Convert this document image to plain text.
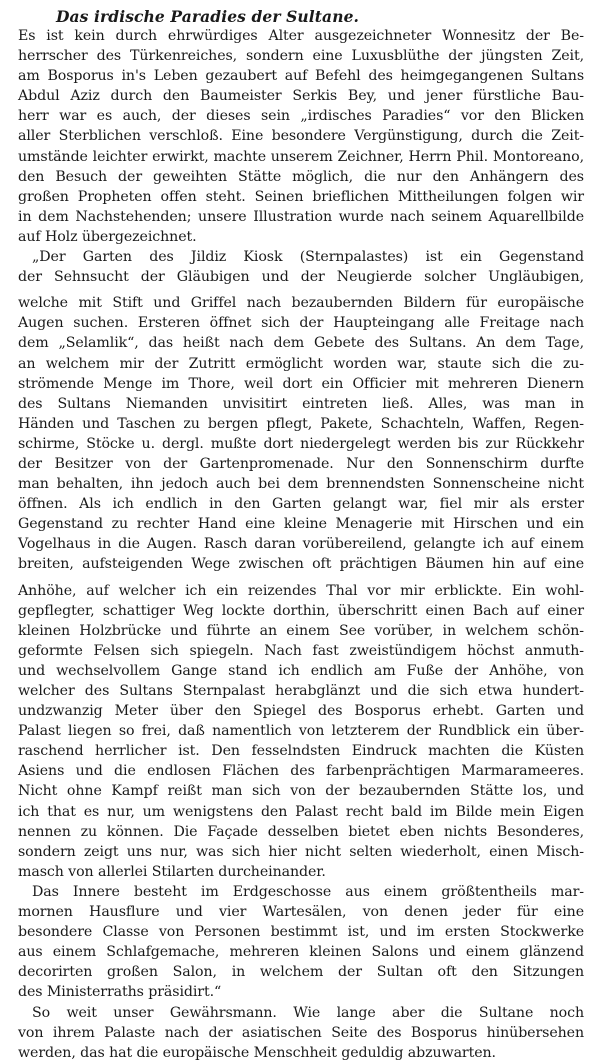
Das irdische Paradies der Sultane.
Es ist kein durch ehrwürdiges Alter ausgezeichneter Wonnesitz der Be-
herrscher des Türkenreiches, sondern eine Luxusblüthe der jüngsten Zeit,
am Bosporus in's Leben gezaubert auf Befehl des heimgegangenen Sultans
Abdul Aziz durch den Baumeister Serkis Bey, und jener fürstliche Bau-
herr war es auch, der dieses sein „irdisches Paradies“ vor den Blicken
aller Sterblichen verschloß. Eine besondere Vergünstigung, durch die Zeit-
umstände leichter erwirkt, machte unserem Zeichner, Herrn Phil. Montoreano,
den Besuch der geweihten Stätte möglich, die nur den Anhängern des
großen Propheten offen steht. Seinen brieflichen Mittheilungen folgen wir
in dem Nachstehenden; unsere Illustration wurde nach seinem Aquarellbilde
auf Holz übergezeichnet.
„Der Garten des Jildiz Kiosk (Sternpalastes) ist ein Gegenstand
der Sehnsucht der Gläubigen und der Neugierde solcher Ungläubigen,
welche mit Stift und Griffel nach bezaubernden Bildern für europäische
Augen suchen. Ersteren öffnet sich der Haupteingang alle Freitage nach
dem „Selamlik“, das heißt nach dem Gebete des Sultans. An dem Tage,
an welchem mir der Zutritt ermöglicht worden war, staute sich die zu-
strömende Menge im Thore, weil dort ein Officier mit mehreren Dienern
des Sultans Niemanden unvisitirt eintreten ließ. Alles, was man in
Händen und Taschen zu bergen pflegt, Pakete, Schachteln, Waffen, Regen-
schirme, Stöcke u. dergl. mußte dort niedergelegt werden bis zur Rückkehr
der Besitzer von der Gartenpromenade. Nur den Sonnenschirm durfte
man behalten, ihn jedoch auch bei dem brennendsten Sonnenscheine nicht
öffnen. Als ich endlich in den Garten gelangt war, fiel mir als erster
Gegenstand zu rechter Hand eine kleine Menagerie mit Hirschen und ein
Vogelhaus in die Augen. Rasch daran vorübereilend, gelangte ich auf einem
breiten, aufsteigenden Wege zwischen oft prächtigen Bäumen hin auf eine
Anhöhe, auf welcher ich ein reizendes Thal vor mir erblickte. Ein wohl-
gepflegter, schattiger Weg lockte dorthin, überschritt einen Bach auf einer
kleinen Holzbrücke und führte an einem See vorüber, in welchem schön-
geformte Felsen sich spiegeln. Nach fast zweistündigem höchst anmuth-
und wechselvollem Gange stand ich endlich am Fuße der Anhöhe, von
welcher des Sultans Sternpalast herabglänzt und die sich etwa hundert-
undzwanzig Meter über den Spiegel des Bosporus erhebt. Garten und
Palast liegen so frei, daß namentlich von letzterem der Rundblick ein über-
raschend herrlicher ist. Den fesselndsten Eindruck machten die Küsten
Asiens und die endlosen Flächen des farbenprächtigen Marmarameeres.
Nicht ohne Kampf reißt man sich von der bezaubernden Stätte los, und
ich that es nur, um wenigstens den Palast recht bald im Bilde mein Eigen
nennen zu können. Die Façade desselben bietet eben nichts Besonderes,
sondern zeigt uns nur, was sich hier nicht selten wiederholt, einen Misch-
masch von allerlei Stilarten durcheinander.
Das Innere besteht im Erdgeschosse aus einem größtentheils mar-
mornen Hausflure und vier Wartesälen, von denen jeder für eine
besondere Classe von Personen bestimmt ist, und im ersten Stockwerke
aus einem Schlafgemache, mehreren kleinen Salons und einem glänzend
decorirten großen Salon, in welchem der Sultan oft den Sitzungen
des Ministerraths präsidirt.“
So weit unser Gewährsmann. Wie lange aber die Sultane noch
von ihrem Palaste nach der asiatischen Seite des Bosporus hinübersehen
werden, das hat die europäische Menschheit geduldig abzuwarten.
